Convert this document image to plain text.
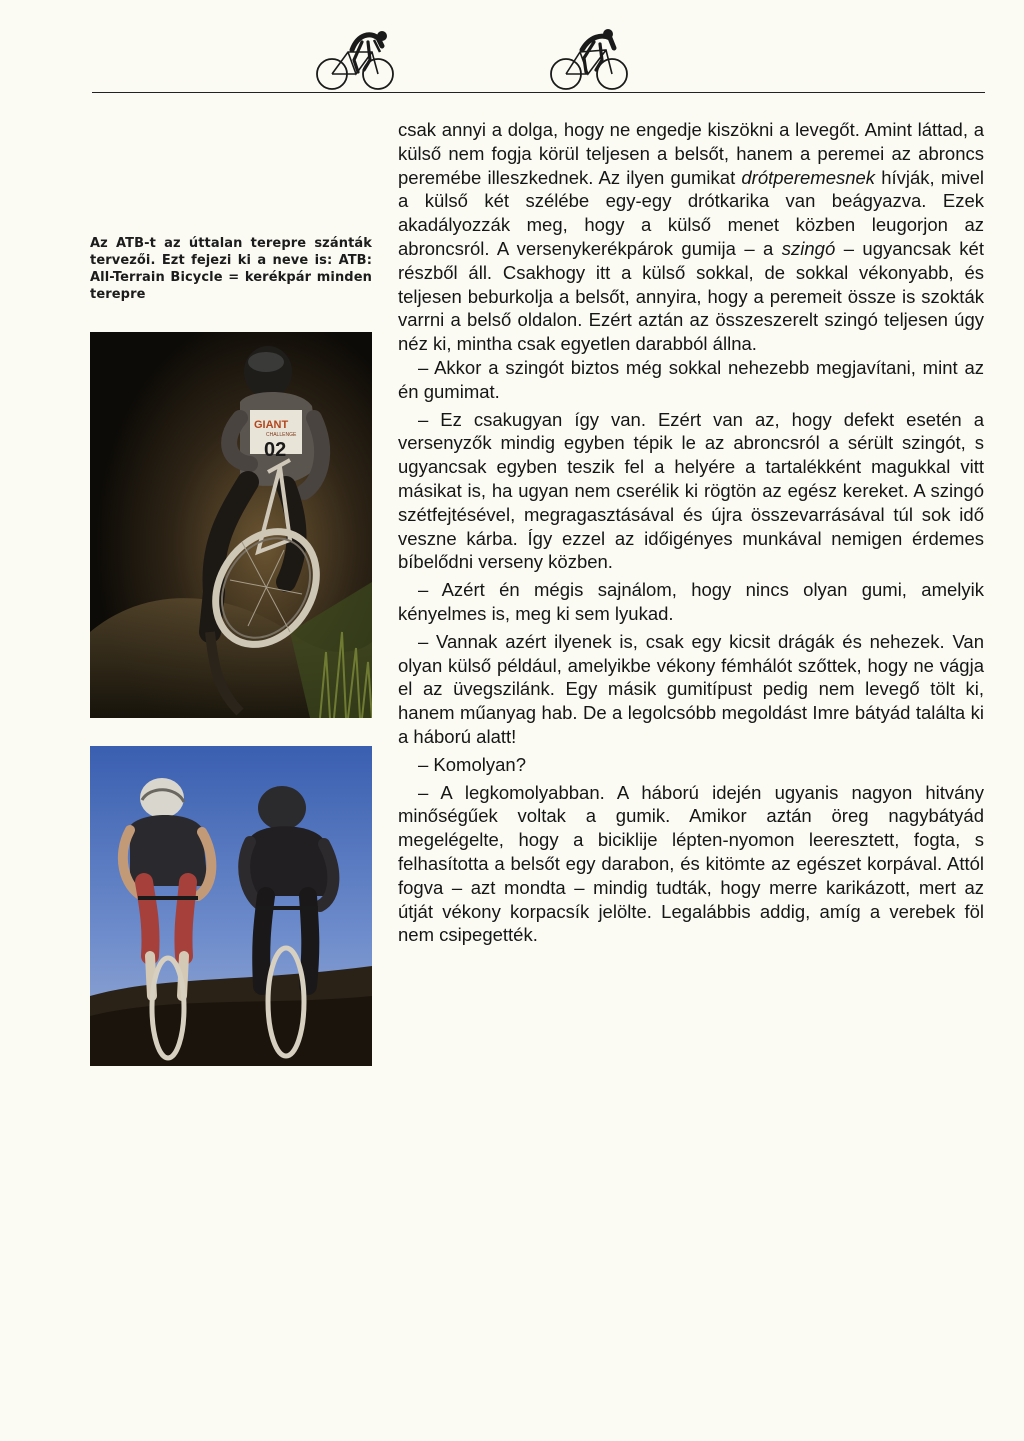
Az ATB-t az úttalan terepre szánták tervezői. Ezt fejezi ki a neve is: ATB: All-Terrain Bicycle = kerékpár minden terepre
GIANT
CHALLENGE
02

csak annyi a dolga, hogy ne engedje kiszökni a levegőt. Amint láttad, a külső nem fogja körül teljesen a belsőt, hanem a peremei az abroncs peremébe illeszkednek. Az ilyen gumikat drótperemesnek hívják, mivel a külső két szélébe egy-egy drótkarika van beágyazva. Ezek akadályozzák meg, hogy a külső menet közben leugorjon az abroncsról. A versenykerékpárok gumija – a szingó – ugyancsak két részből áll. Csakhogy itt a külső sokkal, de sokkal vékonyabb, és teljesen beburkolja a belsőt, annyira, hogy a peremeit össze is szokták varrni a belső oldalon. Ezért aztán az összeszerelt szingó teljesen úgy néz ki, mintha csak egyetlen darabból állna.

– Akkor a szingót biztos még sokkal nehezebb megjavítani, mint az én gumimat.

– Ez csakugyan így van. Ezért van az, hogy defekt esetén a versenyzők mindig egyben tépik le az abroncsról a sérült szingót, s ugyancsak egyben teszik fel a helyére a tartalékként magukkal vitt másikat is, ha ugyan nem cserélik ki rögtön az egész kereket. A szingó szétfejtésével, megragasztásával és újra összevarrásával túl sok idő veszne kárba. Így ezzel az időigényes munkával nemigen érdemes bíbelődni verseny közben.

– Azért én mégis sajnálom, hogy nincs olyan gumi, amelyik kényelmes is, meg ki sem lyukad.

– Vannak azért ilyenek is, csak egy kicsit drágák és nehezek. Van olyan külső például, amelyikbe vékony fémhálót szőttek, hogy ne vágja el az üvegszilánk. Egy másik gumitípust pedig nem levegő tölt ki, hanem műanyag hab. De a legolcsóbb megoldást Imre bátyád találta ki a háború alatt!

– Komolyan?

– A legkomolyabban. A háború idején ugyanis nagyon hitvány minőségűek voltak a gumik. Amikor aztán öreg nagybátyád megelégelte, hogy a biciklije lépten-nyomon leeresztett, fogta, s felhasította a belsőt egy darabon, és kitömte az egészet korpával. Attól fogva – azt mondta – mindig tudták, hogy merre karikázott, mert az útját vékony korpacsík jelölte. Legalábbis addig, amíg a verebek föl nem csipegették.
